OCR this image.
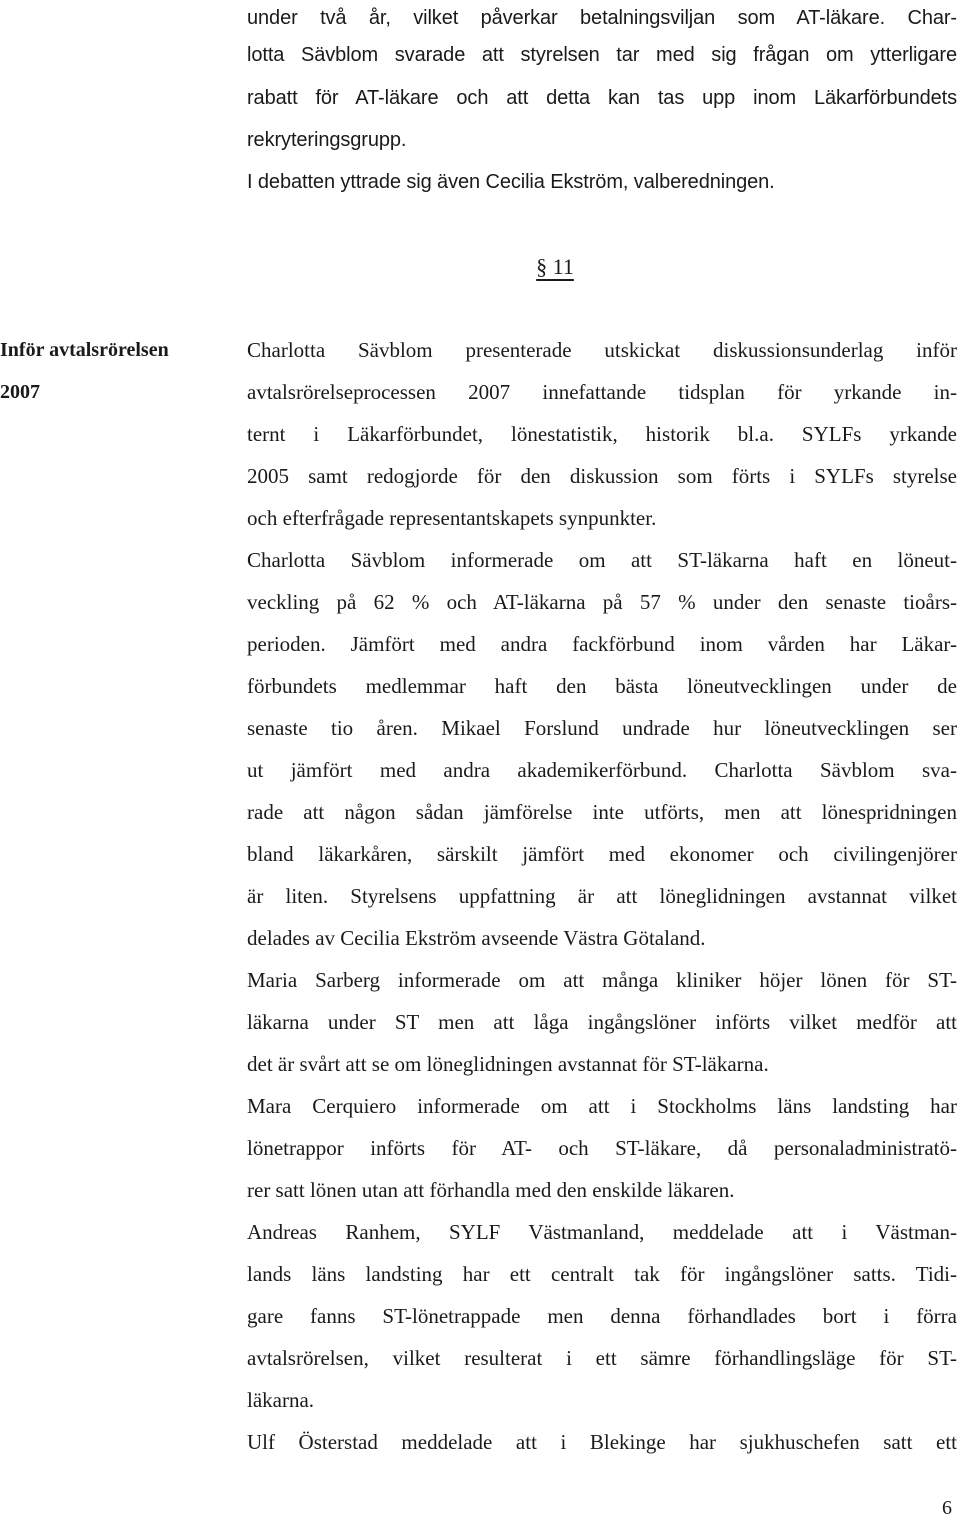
under två år, vilket påverkar betalningsviljan som AT-läkare. Char-
lotta Sävblom svarade att styrelsen tar med sig frågan om ytterligare
rabatt för AT-läkare och att detta kan tas upp inom Läkarförbundets
rekryteringsgrupp.
I debatten yttrade sig även Cecilia Ekström, valberedningen.
§ 11
Inför avtalsrörelsen
2007
Charlotta Sävblom presenterade utskickat diskussionsunderlag inför
avtalsrörelseprocessen 2007 innefattande tidsplan för yrkande in-
ternt i Läkarförbundet, lönestatistik, historik bl.a. SYLFs yrkande
2005 samt redogjorde för den diskussion som förts i SYLFs styrelse
och efterfrågade representantskapets synpunkter.
Charlotta Sävblom informerade om att ST-läkarna haft en löneut-
veckling på 62 % och AT-läkarna på 57 % under den senaste tioårs-
perioden. Jämfört med andra fackförbund inom vården har Läkar-
förbundets medlemmar haft den bästa löneutvecklingen under de
senaste tio åren. Mikael Forslund undrade hur löneutvecklingen ser
ut jämfört med andra akademikerförbund. Charlotta Sävblom sva-
rade att någon sådan jämförelse inte utförts, men att lönespridningen
bland läkarkåren, särskilt jämfört med ekonomer och civilingenjörer
är liten. Styrelsens uppfattning är att löneglidningen avstannat vilket
delades av Cecilia Ekström avseende Västra Götaland.
Maria Sarberg informerade om att många kliniker höjer lönen för ST-
läkarna under ST men att låga ingångslöner införts vilket medför att
det är svårt att se om löneglidningen avstannat för ST-läkarna.
Mara Cerquiero informerade om att i Stockholms läns landsting har
lönetrappor införts för AT- och ST-läkare, då personaladministratö-
rer satt lönen utan att förhandla med den enskilde läkaren.
Andreas Ranhem, SYLF Västmanland, meddelade att i Västman-
lands läns landsting har ett centralt tak för ingångslöner satts. Tidi-
gare fanns ST-lönetrappade men denna förhandlades bort i förra
avtalsrörelsen, vilket resulterat i ett sämre förhandlingsläge för ST-
läkarna.
Ulf Österstad meddelade att i Blekinge har sjukhuschefen satt ett
6
